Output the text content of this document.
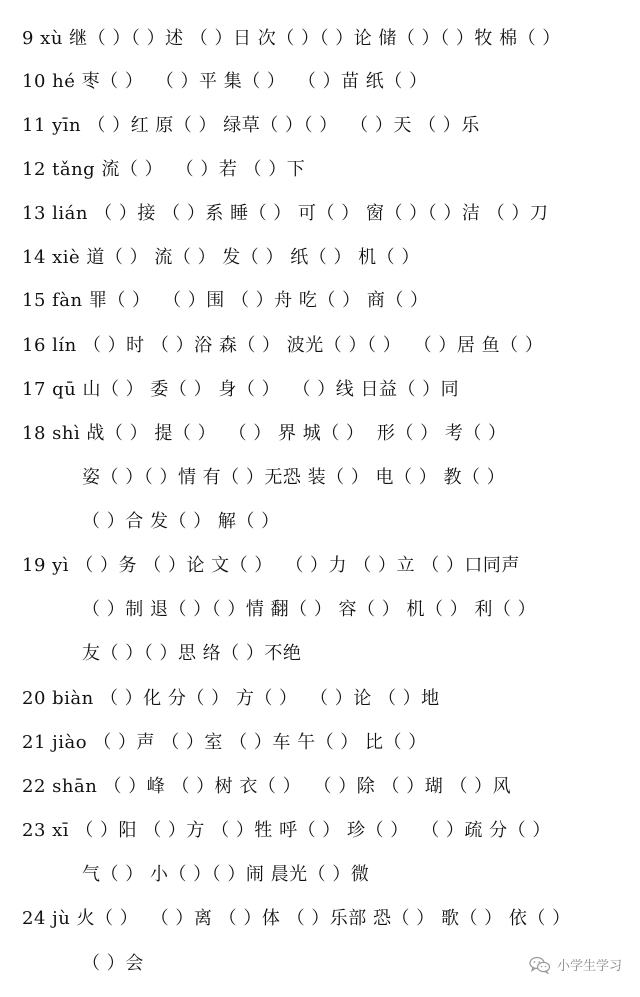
9 xù 继（ ）（ ）述 （ ）日 次（ ）（ ）论 储（ ）（ ）牧 棉（ ）
10 hé 枣（ ）  （ ）平 集（ ）  （ ）苗 纸（ ）
11 yīn （ ）红 原（ ） 绿草（ ）（ ）  （ ）天 （ ）乐
12 tǎng 流（ ）  （ ）若 （ ）下
13 lián （ ）接 （ ）系 睡（ ） 可（ ） 窗（ ）（ ）洁 （ ）刀
14 xiè 道（ ） 流（ ） 发（ ） 纸（ ） 机（ ）
15 fàn 罪（ ）  （ ）围 （ ）舟 吃（ ） 商（ ）
16 lín （ ）时 （ ）浴 森（ ） 波光（ ）（ ）  （ ）居 鱼（ ）
17 qū 山（ ） 委（ ） 身（ ）  （ ）线 日益（ ）同
18 shì 战（ ） 提（ ）  （ ） 界 城（ ）  形（ ） 考（ ）
姿（ ）（ ）情 有（ ）无恐 装（ ） 电（ ） 教（ ）
（ ）合 发（ ） 解（ ）
19 yì （ ）务 （ ）论 文（ ）  （ ）力 （ ）立 （ ）口同声
（ ）制 退（ ）（ ）情 翻（ ） 容（ ） 机（ ） 利（ ）
友（ ）（ ）思 络（ ）不绝
20 biàn （ ）化 分（ ） 方（ ）  （ ）论 （ ）地
21 jiào （ ）声 （ ）室 （ ）车 午（ ） 比（ ）
22 shān （ ）峰 （ ）树 衣（ ）  （ ）除 （ ）瑚 （ ）风
23 xī （ ）阳 （ ）方 （ ）牲 呼（ ） 珍（ ）  （ ）疏 分（ ）
气（ ） 小（ ）（ ）闹 晨光（ ）微
24 jù 火（ ）  （ ）离 （ ）体 （ ）乐部 恐（ ） 歌（ ） 依（ ）
（ ）会	小学生学习
